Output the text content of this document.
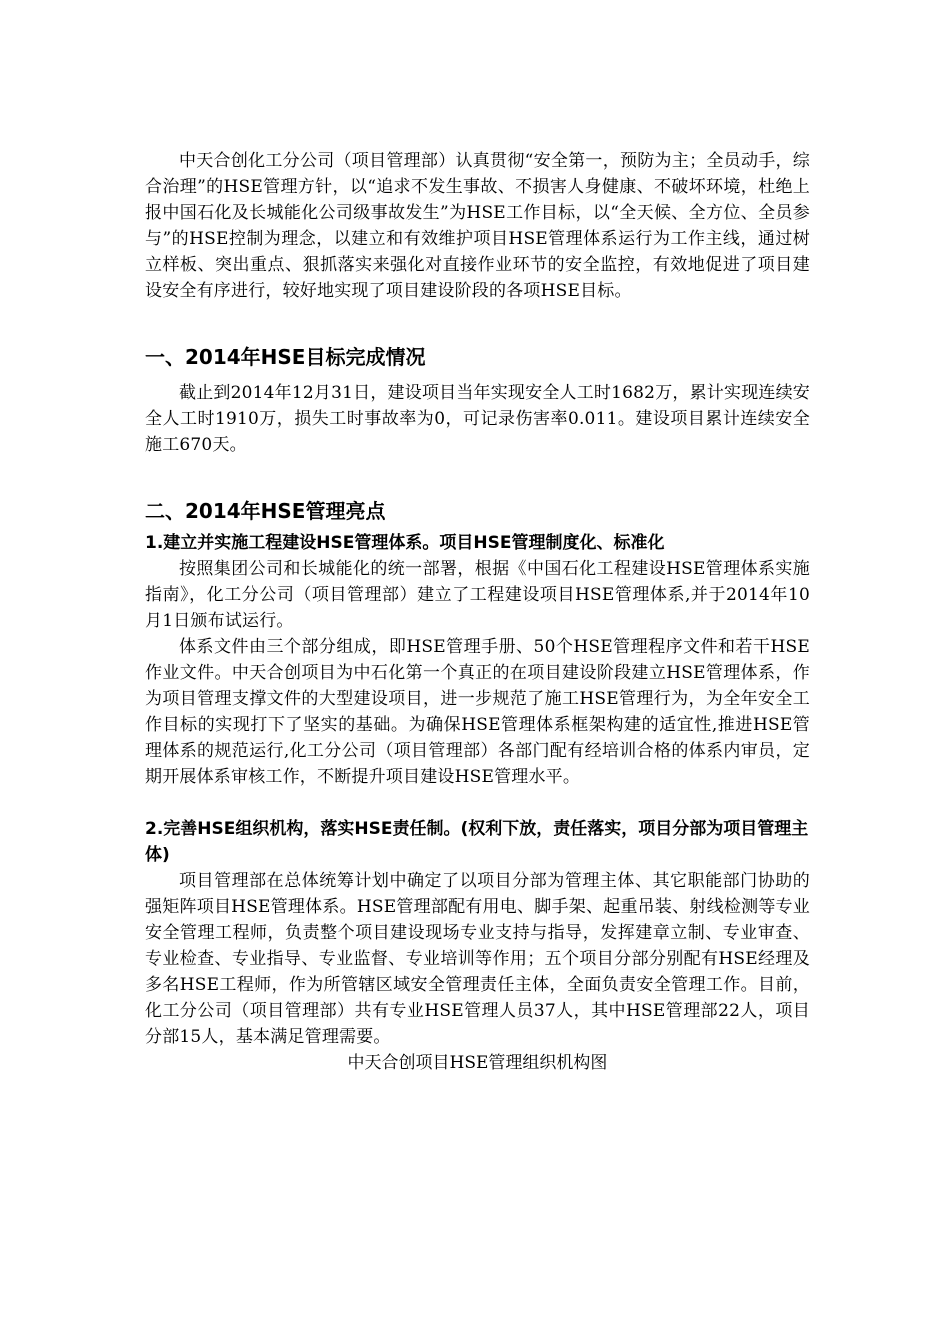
中天合创化工分公司（项目管理部）认真贯彻“安全第一，预防为主；全员动手，综合治理”的HSE管理方针，以“追求不发生事故、不损害人身健康、不破坏环境，杜绝上报中国石化及长城能化公司级事故发生”为HSE工作目标，以“全天候、全方位、全员参与”的HSE控制为理念，以建立和有效维护项目HSE管理体系运行为工作主线，通过树立样板、突出重点、狠抓落实来强化对直接作业环节的安全监控，有效地促进了项目建设安全有序进行，较好地实现了项目建设阶段的各项HSE目标。

一、2014年HSE目标完成情况

截止到2014年12月31日，建设项目当年实现安全人工时1682万，累计实现连续安全人工时1910万，损失工时事故率为0，可记录伤害率0.011。建设项目累计连续安全施工670天。

二、2014年HSE管理亮点
1.建立并实施工程建设HSE管理体系。项目HSE管理制度化、标准化

按照集团公司和长城能化的统一部署，根据《中国石化工程建设HSE管理体系实施指南》，化工分公司（项目管理部）建立了工程建设项目HSE管理体系,并于2014年10月1日颁布试运行。

体系文件由三个部分组成，即HSE管理手册、50个HSE管理程序文件和若干HSE作业文件。中天合创项目为中石化第一个真正的在项目建设阶段建立HSE管理体系，作为项目管理支撑文件的大型建设项目，进一步规范了施工HSE管理行为，为全年安全工作目标的实现打下了坚实的基础。为确保HSE管理体系框架构建的适宜性,推进HSE管理体系的规范运行,化工分公司（项目管理部）各部门配有经培训合格的体系内审员，定期开展体系审核工作，不断提升项目建设HSE管理水平。

2.完善HSE组织机构，落实HSE责任制。(权利下放，责任落实，项目分部为项目管理主体)

项目管理部在总体统筹计划中确定了以项目分部为管理主体、其它职能部门协助的强矩阵项目HSE管理体系。HSE管理部配有用电、脚手架、起重吊装、射线检测等专业安全管理工程师，负责整个项目建设现场专业支持与指导，发挥建章立制、专业审查、专业检查、专业指导、专业监督、专业培训等作用；五个项目分部分别配有HSE经理及多名HSE工程师，作为所管辖区域安全管理责任主体，全面负责安全管理工作。目前，化工分公司（项目管理部）共有专业HSE管理人员37人，其中HSE管理部22人，项目分部15人，基本满足管理需要。

中天合创项目HSE管理组织机构图
